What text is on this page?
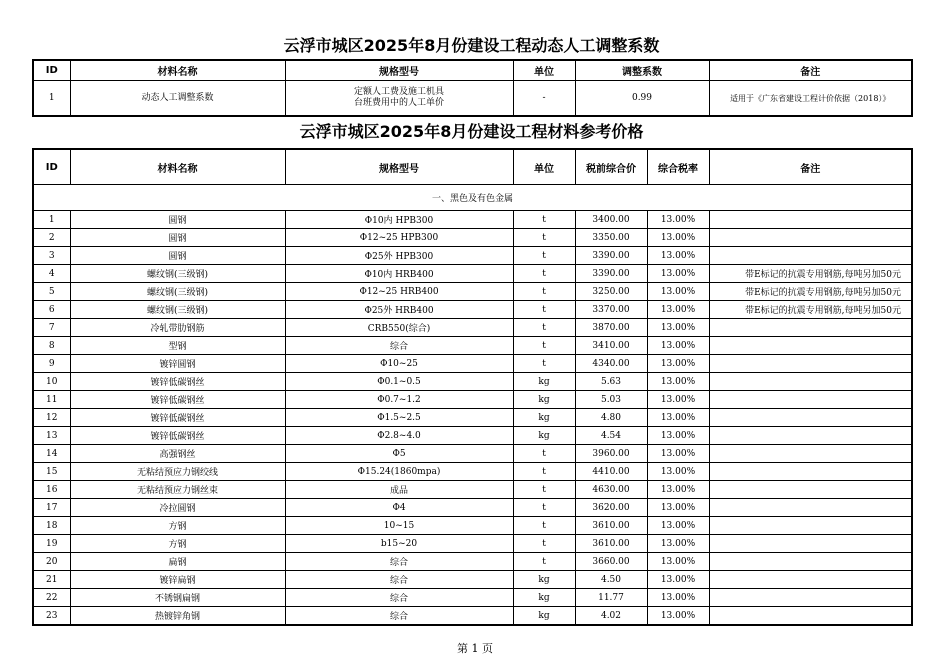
云浮市城区2025年8月份建设工程动态人工调整系数
ID	材料名称	规格型号	单位	调整系数	备注
1	动态人工调整系数	定额人工费及施工机具
台班费用中的人工单价	-	0.99	适用于《广东省建设工程计价依据（2018）》
云浮市城区2025年8月份建设工程材料参考价格
ID	材料名称	规格型号	单位	税前综合价	综合税率	备注
一、黑色及有色金属						
1	圆钢	Φ10内 HPB300	t	3400.00	13.00%	
2	圆钢	Φ12~25 HPB300	t	3350.00	13.00%	
3	圆钢	Φ25外 HPB300	t	3390.00	13.00%	
4	螺纹钢(三级钢)	Φ10内 HRB400	t	3390.00	13.00%	带E标记的抗震专用钢筋,每吨另加50元
5	螺纹钢(三级钢)	Φ12~25 HRB400	t	3250.00	13.00%	带E标记的抗震专用钢筋,每吨另加50元
6	螺纹钢(三级钢)	Φ25外 HRB400	t	3370.00	13.00%	带E标记的抗震专用钢筋,每吨另加50元
7	冷轧带肋钢筋	CRB550(综合)	t	3870.00	13.00%	
8	型钢	综合	t	3410.00	13.00%	
9	镀锌圆钢	Φ10~25	t	4340.00	13.00%	
10	镀锌低碳钢丝	Φ0.1~0.5	kg	5.63	13.00%	
11	镀锌低碳钢丝	Φ0.7~1.2	kg	5.03	13.00%	
12	镀锌低碳钢丝	Φ1.5~2.5	kg	4.80	13.00%	
13	镀锌低碳钢丝	Φ2.8~4.0	kg	4.54	13.00%	
14	高强钢丝	Φ5	t	3960.00	13.00%	
15	无粘结预应力钢绞线	Φ15.24(1860mpa)	t	4410.00	13.00%	
16	无粘结预应力钢丝束	成品	t	4630.00	13.00%	
17	冷拉圆钢	Φ4	t	3620.00	13.00%	
18	方钢	10~15	t	3610.00	13.00%	
19	方钢	b15~20	t	3610.00	13.00%	
20	扁钢	综合	t	3660.00	13.00%	
21	镀锌扁钢	综合	kg	4.50	13.00%	
22	不锈钢扁钢	综合	kg	11.77	13.00%	
23	热镀锌角钢	综合	kg	4.02	13.00%	
第 1 页
